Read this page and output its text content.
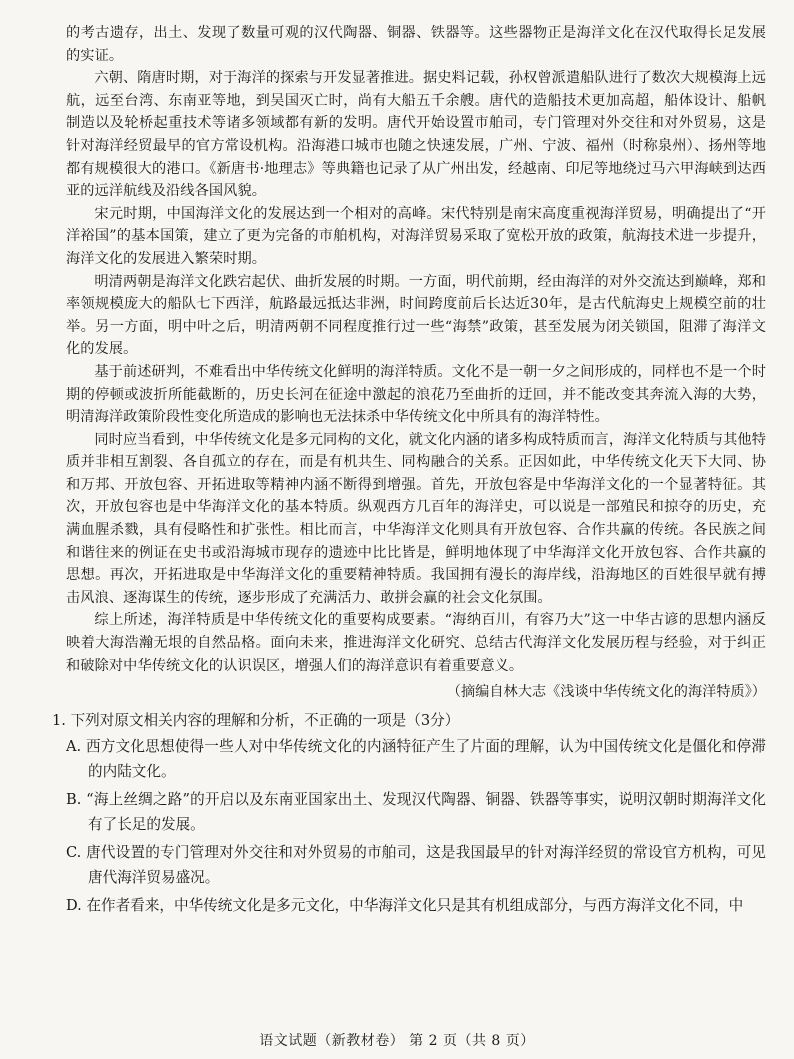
的考古遗存，出土、发现了数量可观的汉代陶器、铜器、铁器等。这些器物正是海洋文化在汉代取得长足发展的实证。

六朝、隋唐时期，对于海洋的探索与开发显著推进。据史料记载，孙权曾派遣船队进行了数次大规模海上远航，远至台湾、东南亚等地，到吴国灭亡时，尚有大船五千余艘。唐代的造船技术更加高超，船体设计、船帆制造以及轮桥起重技术等诸多领域都有新的发明。唐代开始设置市舶司，专门管理对外交往和对外贸易，这是针对海洋经贸最早的官方常设机构。沿海港口城市也随之快速发展，广州、宁波、福州（时称泉州）、扬州等地都有规模很大的港口。《新唐书·地理志》等典籍也记录了从广州出发，经越南、印尼等地绕过马六甲海峡到达西亚的远洋航线及沿线各国风貌。

宋元时期，中国海洋文化的发展达到一个相对的高峰。宋代特别是南宋高度重视海洋贸易，明确提出了“开洋裕国”的基本国策，建立了更为完备的市舶机构，对海洋贸易采取了宽松开放的政策，航海技术进一步提升，海洋文化的发展进入繁荣时期。

明清两朝是海洋文化跌宕起伏、曲折发展的时期。一方面，明代前期，经由海洋的对外交流达到巅峰，郑和率领规模庞大的船队七下西洋，航路最远抵达非洲，时间跨度前后长达近30年，是古代航海史上规模空前的壮举。另一方面，明中叶之后，明清两朝不同程度推行过一些“海禁”政策，甚至发展为闭关锁国，阻滞了海洋文化的发展。

基于前述研判，不难看出中华传统文化鲜明的海洋特质。文化不是一朝一夕之间形成的，同样也不是一个时期的停顿或波折所能截断的，历史长河在征途中激起的浪花乃至曲折的迂回，并不能改变其奔流入海的大势，明清海洋政策阶段性变化所造成的影响也无法抹杀中华传统文化中所具有的海洋特性。

同时应当看到，中华传统文化是多元同构的文化，就文化内涵的诸多构成特质而言，海洋文化特质与其他特质并非相互割裂、各自孤立的存在，而是有机共生、同构融合的关系。正因如此，中华传统文化天下大同、协和万邦、开放包容、开拓进取等精神内涵不断得到增强。首先，开放包容是中华海洋文化的一个显著特征。其次，开放包容也是中华海洋文化的基本特质。纵观西方几百年的海洋史，可以说是一部殖民和掠夺的历史，充满血腥杀戮，具有侵略性和扩张性。相比而言，中华海洋文化则具有开放包容、合作共赢的传统。各民族之间和谐往来的例证在史书或沿海城市现存的遗迹中比比皆是，鲜明地体现了中华海洋文化开放包容、合作共赢的思想。再次，开拓进取是中华海洋文化的重要精神特质。我国拥有漫长的海岸线，沿海地区的百姓很早就有搏击风浪、逐海谋生的传统，逐步形成了充满活力、敢拼会赢的社会文化氛围。

综上所述，海洋特质是中华传统文化的重要构成要素。“海纳百川，有容乃大”这一中华古谚的思想内涵反映着大海浩瀚无垠的自然品格。面向未来，推进海洋文化研究、总结古代海洋文化发展历程与经验，对于纠正和破除对中华传统文化的认识误区，增强人们的海洋意识有着重要意义。

（摘编自林大志《浅谈中华传统文化的海洋特质》）

1. 下列对原文相关内容的理解和分析，不正确的一项是（3分）

A. 西方文化思想使得一些人对中华传统文化的内涵特征产生了片面的理解，认为中国传统文化是僵化和停滞的内陆文化。

B. “海上丝绸之路”的开启以及东南亚国家出土、发现汉代陶器、铜器、铁器等事实，说明汉朝时期海洋文化有了长足的发展。

C. 唐代设置的专门管理对外交往和对外贸易的市舶司，这是我国最早的针对海洋经贸的常设官方机构，可见唐代海洋贸易盛况。

D. 在作者看来，中华传统文化是多元文化，中华海洋文化只是其有机组成部分，与西方海洋文化不同，中

语文试题（新教材卷） 第 2 页（共 8 页）
